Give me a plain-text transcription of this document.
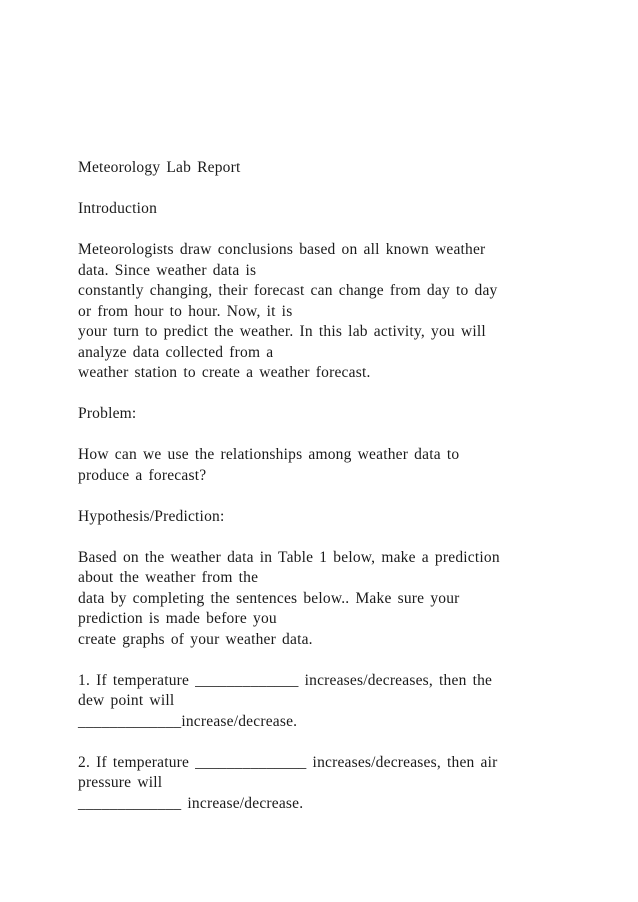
Meteorology Lab Report

Introduction

Meteorologists draw conclusions based on all known weather
data. Since weather data is
constantly changing, their forecast can change from day to day
or from hour to hour. Now, it is
your turn to predict the weather. In this lab activity, you will
analyze data collected from a
weather station to create a weather forecast.

Problem:

How can we use the relationships among weather data to
produce a forecast?

Hypothesis/Prediction:

Based on the weather data in Table 1 below, make a prediction
about the weather from the
data by completing the sentences below.. Make sure your
prediction is made before you
create graphs of your weather data.

1. If temperature _____________ increases/decreases, then the
dew point will
_____________increase/decrease.

2. If temperature ______________ increases/decreases, then air
pressure will
_____________ increase/decrease.
